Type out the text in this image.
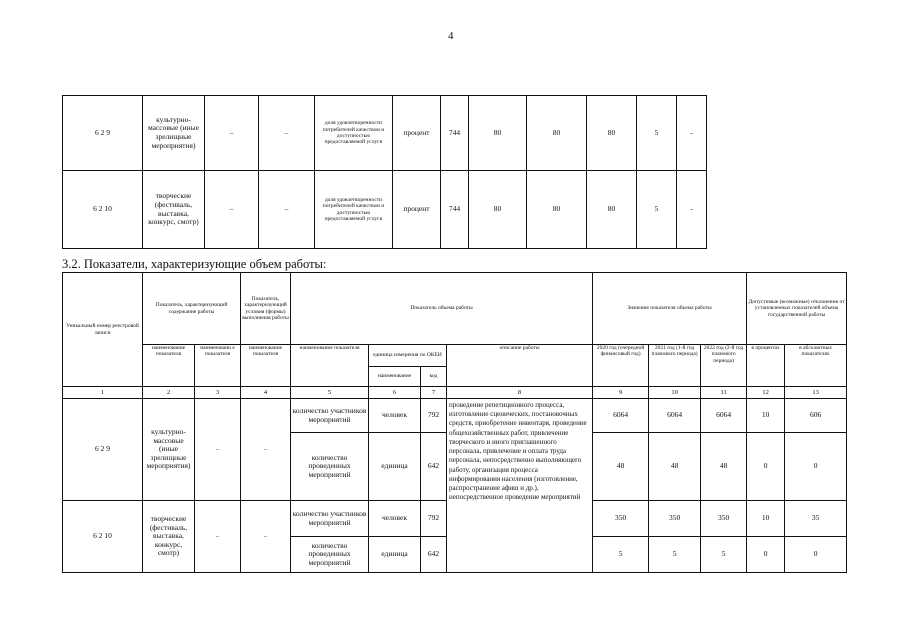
4
6 2 9	культурно-массовые (иные зрелищные мероприятия)	–	–	доля удовлетворенности потребителей качеством и доступностью предоставляемой услуги	процент	744	80	80	80	5	-
6 2 10	творческие (фестиваль, выставка, конкурс, смотр)	–	–	доля удовлетворенности потребителей качеством и доступностью предоставляемой услуги	процент	744	80	80	80	5	-
3.2. Показатели, характеризующие объем работы:
Уникальный номер реестровой записи	Показатель, характеризующий содержание работы		Показатель, характеризующий условия (формы) выполнения работы	Показатель объема работы				Значение показателя объема работы			Допустимые (возможные) отклонения от установленных показателей объема государственной работы	
	наименование показателя	наименовани е показателя	наименование показателя	наименование показателя	единица измерения по ОКЕИ		описание работы	2020 год (очередной финансовый год)	2021 год (1-й год планового периода)	2022 год (2-й год планового периода)	в процентах	в абсолютных показателях
					наименование	код						
1	2	3	4	5	6	7	8	9	10	11	12	13
6 2 9	культурно-массовые (иные зрелищные мероприятия)	–	–	количество участников мероприятий	человек	792	проведение репетиционного процесса, изготовление сценических, постановочных средств, приобретение инвентаря, проведение общехозяйственных работ, привлечение творческого и иного приглашенного персонала, привлечение и оплата труда персонала, непосредственно выполняющего работу, организация процесса информирования населения (изготовление, распространение афиш и др.), непосредственное проведение мероприятий	6064	6064	6064	10	606
				количество проведенных мероприятий	единица	642		48	48	48	0	0
6 2 10	творческие (фестиваль, выставка, конкурс, смотр)	–	–	количество участников мероприятий	человек	792		350	350	350	10	35
				количество проведенных мероприятий	единица	642		5	5	5	0	0
